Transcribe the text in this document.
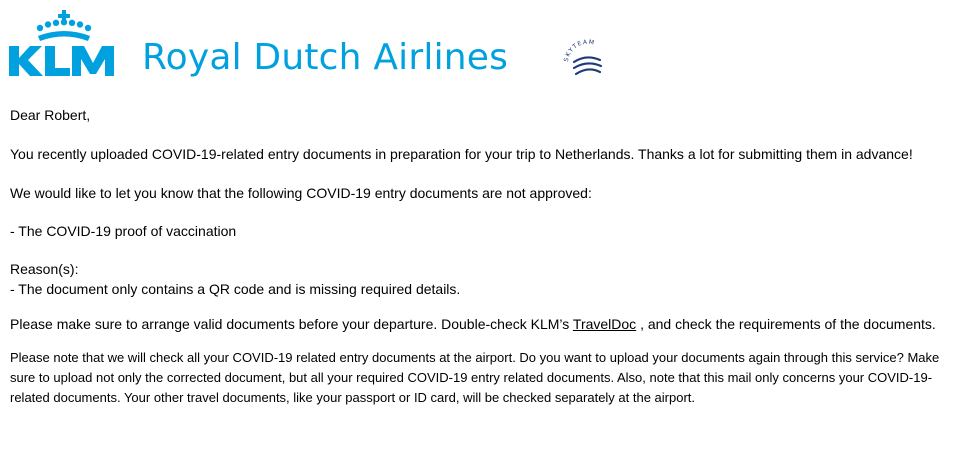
Royal Dutch Airlines	SKYTEAM

Dear Robert,

You recently uploaded COVID-19-related entry documents in preparation for your trip to Netherlands. Thanks a lot for submitting them in advance!

We would like to let you know that the following COVID-19 entry documents are not approved:

- The COVID-19 proof of vaccination

Reason(s):

- The document only contains a QR code and is missing required details.

Please make sure to arrange valid documents before your departure. Double-check KLM’s TravelDoc , and check the requirements of the documents.

Please note that we will check all your COVID-19 related entry documents at the airport. Do you want to upload your documents again through this service? Make sure to upload not only the corrected document, but all your required COVID-19 entry related documents. Also, note that this mail only concerns your COVID-19-related documents. Your other travel documents, like your passport or ID card, will be checked separately at the airport.
